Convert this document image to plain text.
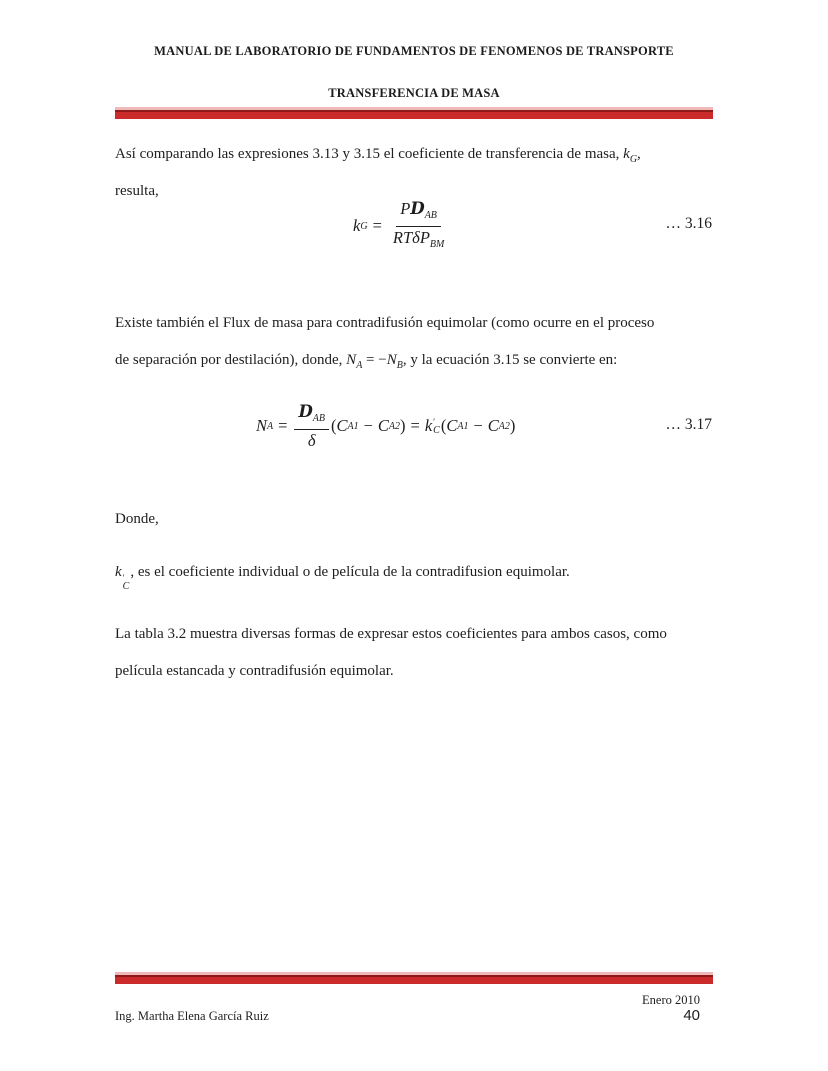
MANUAL DE LABORATORIO DE FUNDAMENTOS DE FENOMENOS DE TRANSPORTE
TRANSFERENCIA DE MASA
Así comparando las expresiones 3.13 y 3.15 el coeficiente de transferencia de masa, $k_G$,
resulta,
k $G = \frac{PD_{AB}}{RT\delta P_{BM}}$	… 3.16
Existe también el Flux de masa para contradifusión equimolar (como ocurre en el proceso
de separación por destilación), donde, $N_A = -N_B$, y la ecuación 3.15 se convierte en:
N $A = \frac{D_{AB}}{\delta}$ ( C A1 − C A2 ) = k ′
C ( C A1 − C A2 )	… 3.17
Donde,
k ′
C
, es el coeficiente individual o de película de la contradifusion equimolar.
La tabla 3.2 muestra diversas formas de expresar estos coeficientes para ambos casos, como
película estancada y contradifusión equimolar.
Enero 2010
40
Ing. Martha Elena García Ruiz
